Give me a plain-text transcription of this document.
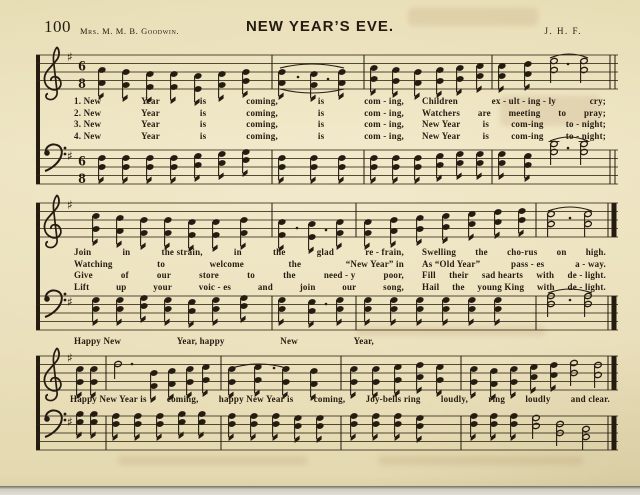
100 Mrs. M. M. B. Goodwin.	NEW YEAR’S EVE.	J. H. F.
♯
6
8
♯ 6
8
♯
♯
♯
♯
1. New	Year	is	coming,	is	com - ing, Children	ex - ult - ing - ly	cry;
2. New	Year	is	coming,	is	com - ing, Watchers are meeting to pray;
3. New	Year	is	coming,	is	com - ing, New Year is com-ing to - night;
4. New	Year	is	coming,	is	com - ing, New Year is com-ing to - night;
Join	in	the strain,	in	the	glad	re - frain, Swelling the cho-rus on high.
Watching	to	welcome	the	“New Year” in As “Old Year”	pass - es	a - way.
Give	of	our	store	to	the	need - y	poor, Fill their sad hearts with de - light.
Lift	up	your	voic - es	and	join	our	song, Hail the young King with de - light.
Happy New	Year, happy	New	Year,
Happy New Year is coming, happy New Year is coming, Joy-bells ring loudly, ring loudly and clear.
